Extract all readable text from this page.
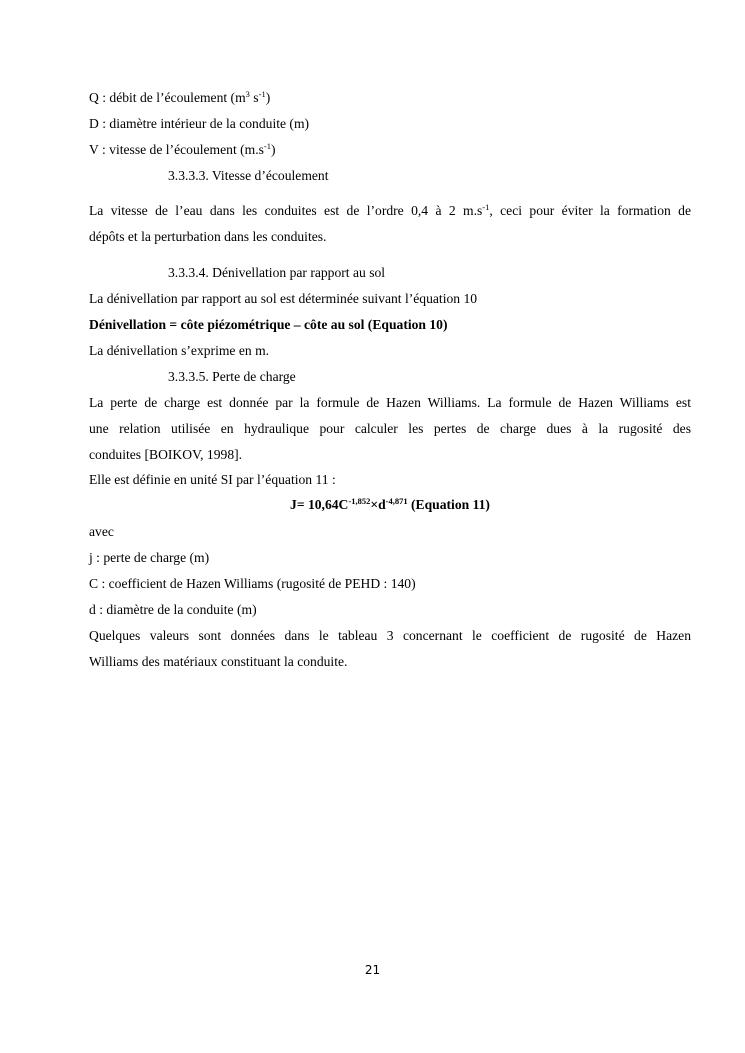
Q : débit de l’écoulement ($m^3$ $s^{-1}$)
D : diamètre intérieur de la conduite (m)
V : vitesse de l’écoulement $(m.s^{-1})$
3.3.3.3. Vitesse d’écoulement
La vitesse de l’eau dans les conduites est de l’ordre 0,4 à 2 $m.s^{-1}$, ceci pour éviter la formation de
dépôts et la perturbation dans les conduites.
3.3.3.4. Dénivellation par rapport au sol
La dénivellation par rapport au sol est déterminée suivant l’équation 10
Dénivellation = côte piézométrique – côte au sol (Equation 10)
La dénivellation s’exprime en m.
3.3.3.5. Perte de charge
La perte de charge est donnée par la formule de Hazen Williams. La formule de Hazen Williams est
une relation utilisée en hydraulique pour calculer les pertes de charge dues à la rugosité des
conduites [BOIKOV, 1998].
Elle est définie en unité SI par l’équation 11 :
$J= 10,64C^{-1,852}\times d^{-4,871}$ (Equation 11)
avec
j : perte de charge (m)
C : coefficient de Hazen Williams (rugosité de PEHD : 140)
d : diamètre de la conduite (m)
Quelques valeurs sont données dans le tableau 3 concernant le coefficient de rugosité de Hazen
Williams des matériaux constituant la conduite.
21
